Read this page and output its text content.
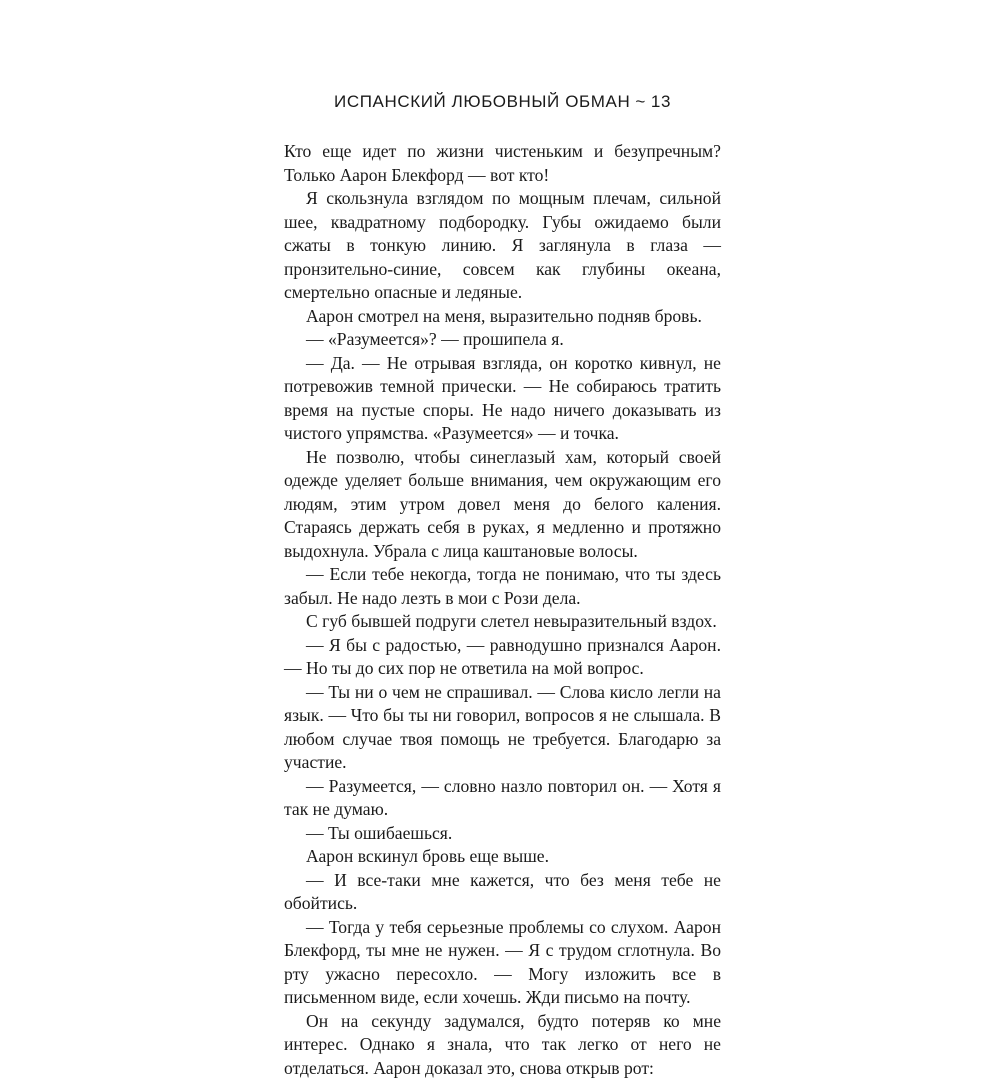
ИСПАНСКИЙ ЛЮБОВНЫЙ ОБМАН ~ 13

Кто еще идет по жизни чистеньким и безупречным? Только Аарон Блекфорд — вот кто!

Я скользнула взглядом по мощным плечам, сильной шее, квадратному подбородку. Губы ожидаемо были сжаты в тонкую линию. Я заглянула в глаза — пронзительно-синие, совсем как глубины океана, смертельно опасные и ледяные.

Аарон смотрел на меня, выразительно подняв бровь.

— «Разумеется»? — прошипела я.

— Да. — Не отрывая взгляда, он коротко кивнул, не потревожив темной прически. — Не собираюсь тратить время на пустые споры. Не надо ничего доказывать из чистого упрямства. «Разумеется» — и точка.

Не позволю, чтобы синеглазый хам, который своей одежде уделяет больше внимания, чем окружающим его людям, этим утром довел меня до белого каления. Стараясь держать себя в руках, я медленно и протяжно выдохнула. Убрала с лица каштановые волосы.

— Если тебе некогда, тогда не понимаю, что ты здесь забыл. Не надо лезть в мои с Рози дела.

С губ бывшей подруги слетел невыразительный вздох.

— Я бы с радостью, — равнодушно признался Аарон. — Но ты до сих пор не ответила на мой вопрос.

— Ты ни о чем не спрашивал. — Слова кисло легли на язык. — Что бы ты ни говорил, вопросов я не слышала. В любом случае твоя помощь не требуется. Благодарю за участие.

— Разумеется, — словно назло повторил он. — Хотя я так не думаю.

— Ты ошибаешься.

Аарон вскинул бровь еще выше.

— И все-таки мне кажется, что без меня тебе не обойтись.

— Тогда у тебя серьезные проблемы со слухом. Аарон Блекфорд, ты мне не нужен. — Я с трудом сглотнула. Во рту ужасно пересохло. — Могу изложить все в письменном виде, если хочешь. Жди письмо на почту.

Он на секунду задумался, будто потеряв ко мне интерес. Однако я знала, что так легко от него не отделаться. Аарон доказал это, снова открыв рот:
